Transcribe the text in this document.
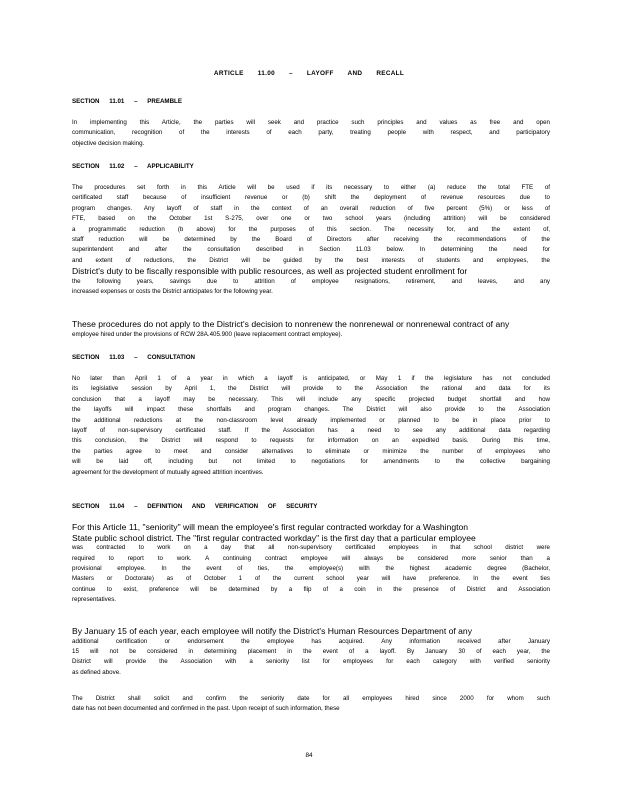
ARTICLE 11.00 – LAYOFF AND RECALL
SECTION 11.01 – PREAMBLE
In implementing this Article, the parties will seek and practice such principles and values as free and open
communication, recognition of the interests of each party, treating people with respect, and participatory
objective decision making.
SECTION 11.02 – APPLICABILITY
The procedures set forth in this Article will be used if its necessary to either (a) reduce the total FTE of
certificated staff because of insufficient revenue or (b) shift the deployment of revenue resources due to
program changes. Any layoff of staff in the context of an overall reduction of five percent (5%) or less of
FTE, based on the October 1st S-275, over one or two school years (including attrition) will be considered
a programmatic reduction (b above) for the purposes of this section. The necessity for, and the extent of,
staff reduction will be determined by the Board of Directors after receiving the recommendations of the
superintendent and after the consultation described in Section 11.03 below. In determining the need for
and extent of reductions, the District will be guided by the best interests of students and employees, the
District's duty to be fiscally responsible with public resources, as well as projected student enrollment for
the following years, savings due to attrition of employee resignations, retirement, and leaves, and any
increased expenses or costs the District anticipates for the following year.
These procedures do not apply to the District's decision to nonrenew the nonrenewal or nonrenewal contract of any
employee hired under the provisions of RCW 28A.405.900 (leave replacement contract employee).
SECTION 11.03 – CONSULTATION
No later than April 1 of a year in which a layoff is anticipated, or May 1 if the legislature has not concluded
its legislative session by April 1, the District will provide to the Association the rational and data for its
conclusion that a layoff may be necessary. This will include any specific projected budget shortfall and how
the layoffs will impact these shortfalls and program changes. The District will also provide to the Association
the additional reductions at the non-classroom level already implemented or planned to be in place prior to
layoff of non-supervisory certificated staff. If the Association has a need to see any additional data regarding
this conclusion, the District will respond to requests for information on an expedited basis. During this time,
the parties agree to meet and consider alternatives to eliminate or minimize the number of employees who
will be laid off, including but not limited to negotiations for amendments to the collective bargaining
agreement for the development of mutually agreed attrition incentives.
SECTION 11.04 – DEFINITION AND VERIFICATION OF SECURITY
For this Article 11, "seniority" will mean the employee's first regular contracted workday for a Washington
State public school district. The "first regular contracted workday" is the first day that a particular employee
was contracted to work on a day that all non-supervisory certificated employees in that school district were
required to report to work. A continuing contract employee will always be considered more senior than a
provisional employee. In the event of ties, the employee(s) with the highest academic degree (Bachelor,
Masters or Doctorate) as of October 1 of the current school year will have preference. In the event ties
continue to exist, preference will be determined by a flip of a coin in the presence of District and Association
representatives.
By January 15 of each year, each employee will notify the District's Human Resources Department of any
additional certification or endorsement the employee has acquired. Any information received after January
15 will not be considered in determining placement in the event of a layoff. By January 30 of each year, the
District will provide the Association with a seniority list for employees for each category with verified seniority
as defined above.
The District shall solicit and confirm the seniority date for all employees hired since 2000 for whom such
date has not been documented and confirmed in the past. Upon receipt of such information, these
84
